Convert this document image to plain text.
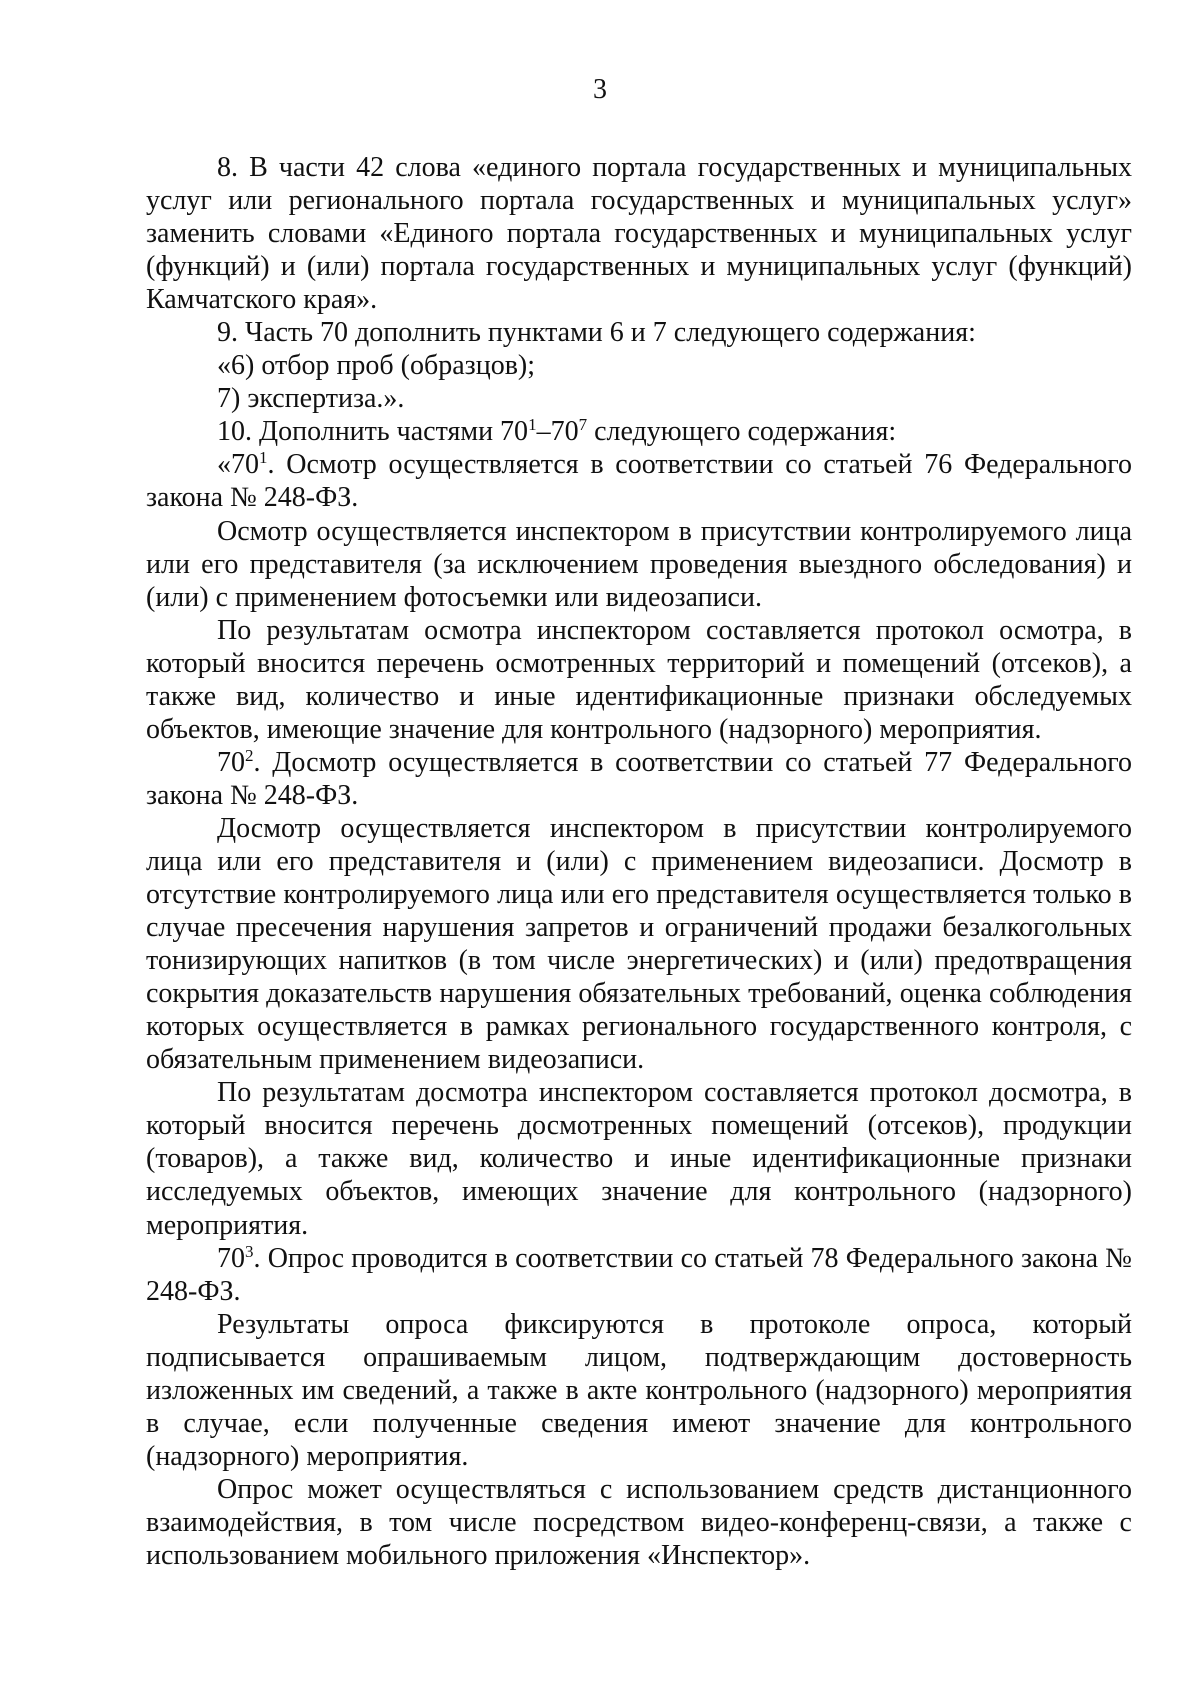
3

8. В части 42 слова «единого портала государственных и муниципальных услуг или регионального портала государственных и муниципальных услуг» заменить словами «Единого портала государственных и муниципальных услуг (функций) и (или) портала государственных и муниципальных услуг (функций) Камчатского края».

9. Часть 70 дополнить пунктами 6 и 7 следующего содержания:

«6) отбор проб (образцов);

7) экспертиза.».

10. Дополнить частями $70^1-70^7$ следующего содержания:

«$70^1$. Осмотр осуществляется в соответствии со статьей 76 Федерального закона № 248-ФЗ.

Осмотр осуществляется инспектором в присутствии контролируемого лица или его представителя (за исключением проведения выездного обследования) и (или) с применением фотосъемки или видеозаписи.

По результатам осмотра инспектором составляется протокол осмотра, в который вносится перечень осмотренных территорий и помещений (отсеков), а также вид, количество и иные идентификационные признаки обследуемых объектов, имеющие значение для контрольного (надзорного) мероприятия.

$70^2$. Досмотр осуществляется в соответствии со статьей 77 Федерального закона № 248-ФЗ.

Досмотр осуществляется инспектором в присутствии контролируемого лица или его представителя и (или) с применением видеозаписи. Досмотр в отсутствие контролируемого лица или его представителя осуществляется только в случае пресечения нарушения запретов и ограничений продажи безалкогольных тонизирующих напитков (в том числе энергетических) и (или) предотвращения сокрытия доказательств нарушения обязательных требований, оценка соблюдения которых осуществляется в рамках регионального государственного контроля, с обязательным применением видеозаписи.

По результатам досмотра инспектором составляется протокол досмотра, в который вносится перечень досмотренных помещений (отсеков), продукции (товаров), а также вид, количество и иные идентификационные признаки исследуемых объектов, имеющих значение для контрольного (надзорного) мероприятия.

$70^3$. Опрос проводится в соответствии со статьей 78 Федерального закона № 248-ФЗ.

Результаты опроса фиксируются в протоколе опроса, который подписывается опрашиваемым лицом, подтверждающим достоверность изложенных им сведений, а также в акте контрольного (надзорного) мероприятия в случае, если полученные сведения имеют значение для контрольного (надзорного) мероприятия.

Опрос может осуществляться с использованием средств дистанционного взаимодействия, в том числе посредством видео-конференц-связи, а также с использованием мобильного приложения «Инспектор».
